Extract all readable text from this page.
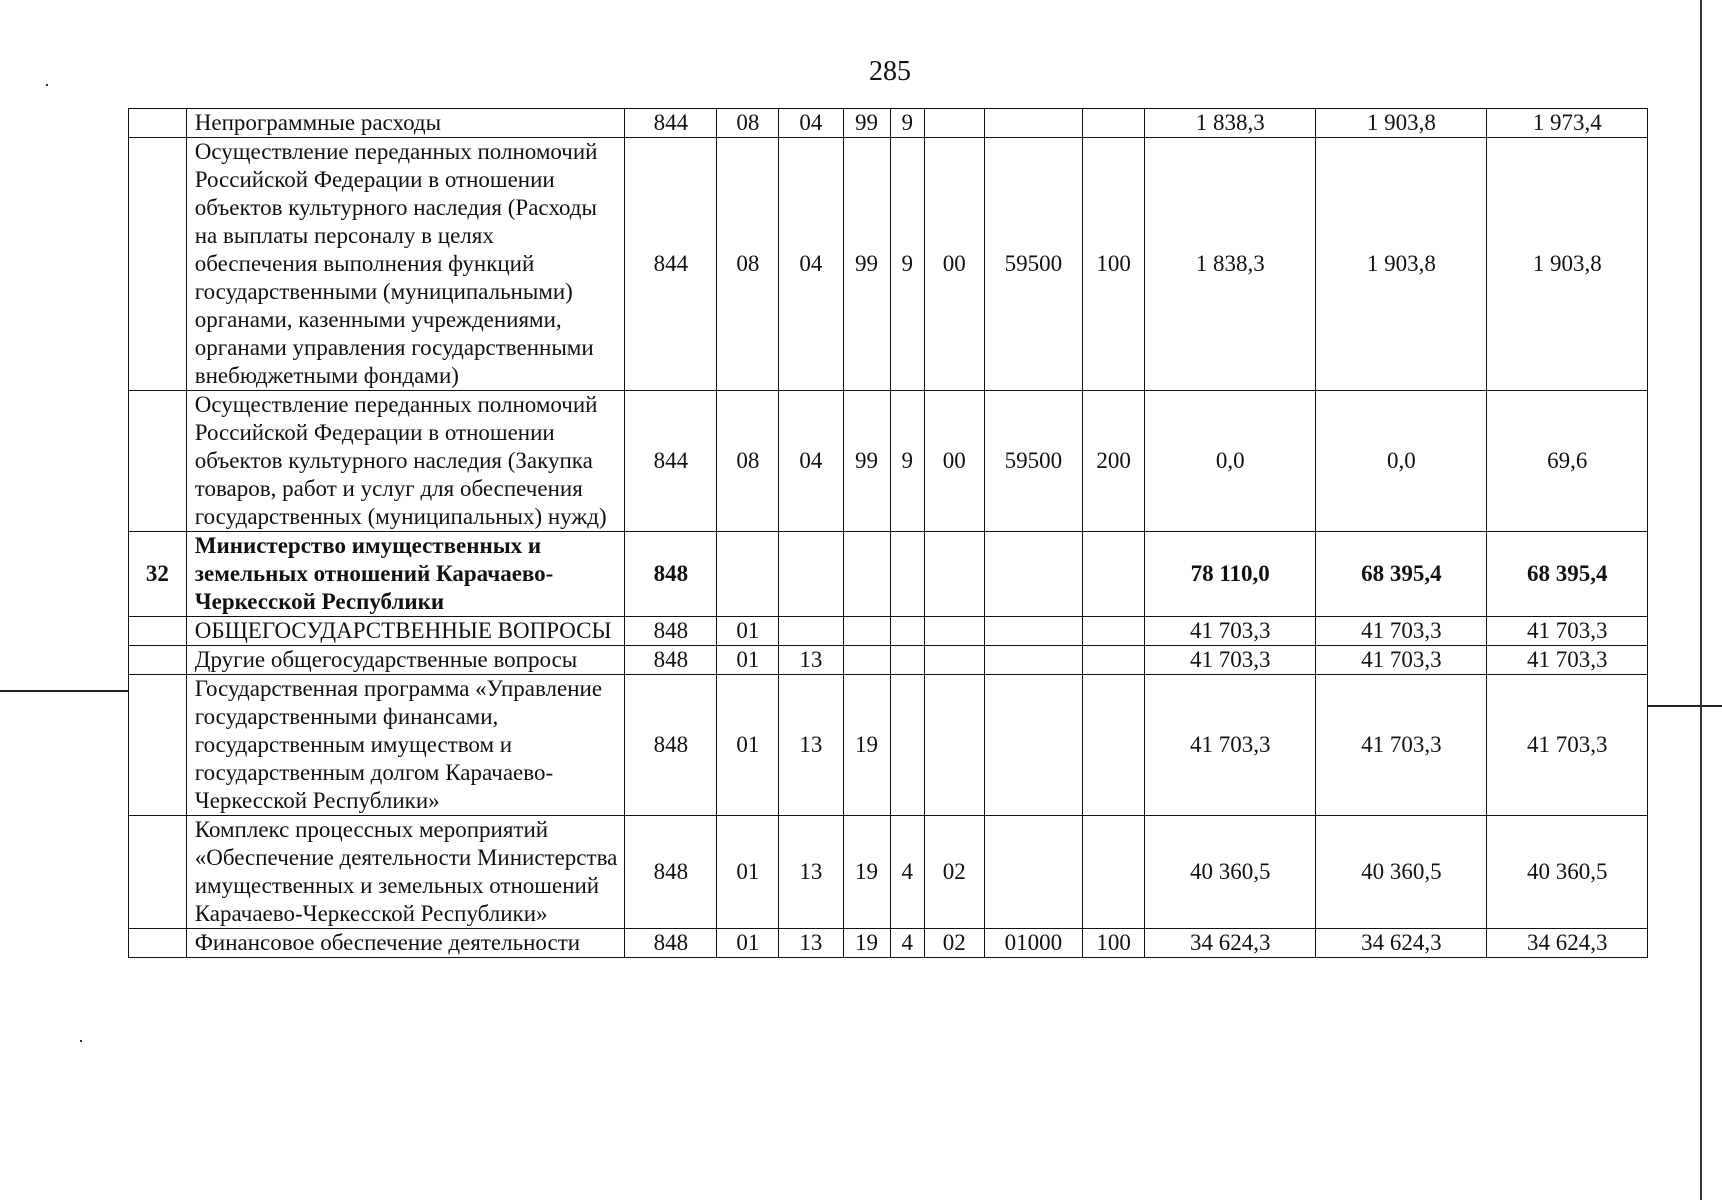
285
	Непрограммные расходы	844	08	04	99	9				1 838,3	1 903,8	1 973,4
	Осуществление переданных полномочий Российской Федерации в отношении объектов культурного наследия (Расходы на выплаты персоналу в целях обеспечения выполнения функций государственными (муниципальными) органами, казенными учреждениями, органами управления государственными внебюджетными фондами)	844	08	04	99	9	00	59500	100	1 838,3	1 903,8	1 903,8
	Осуществление переданных полномочий Российской Федерации в отношении объектов культурного наследия (Закупка товаров, работ и услуг для обеспечения государственных (муниципальных) нужд)	844	08	04	99	9	00	59500	200	0,0	0,0	69,6
32	Министерство имущественных и земельных отношений Карачаево-Черкесской Республики	848								78 110,0	68 395,4	68 395,4
	ОБЩЕГОСУДАРСТВЕННЫЕ ВОПРОСЫ	848	01							41 703,3	41 703,3	41 703,3
	Другие общегосударственные вопросы	848	01	13						41 703,3	41 703,3	41 703,3
	Государственная программа «Управление государственными финансами, государственным имуществом и государственным долгом Карачаево-Черкесской Республики»	848	01	13	19					41 703,3	41 703,3	41 703,3
	Комплекс процессных мероприятий «Обеспечение деятельности Министерства имущественных и земельных отношений Карачаево-Черкесской Республики»	848	01	13	19	4	02			40 360,5	40 360,5	40 360,5
	Финансовое обеспечение деятельности	848	01	13	19	4	02	01000	100	34 624,3	34 624,3	34 624,3
